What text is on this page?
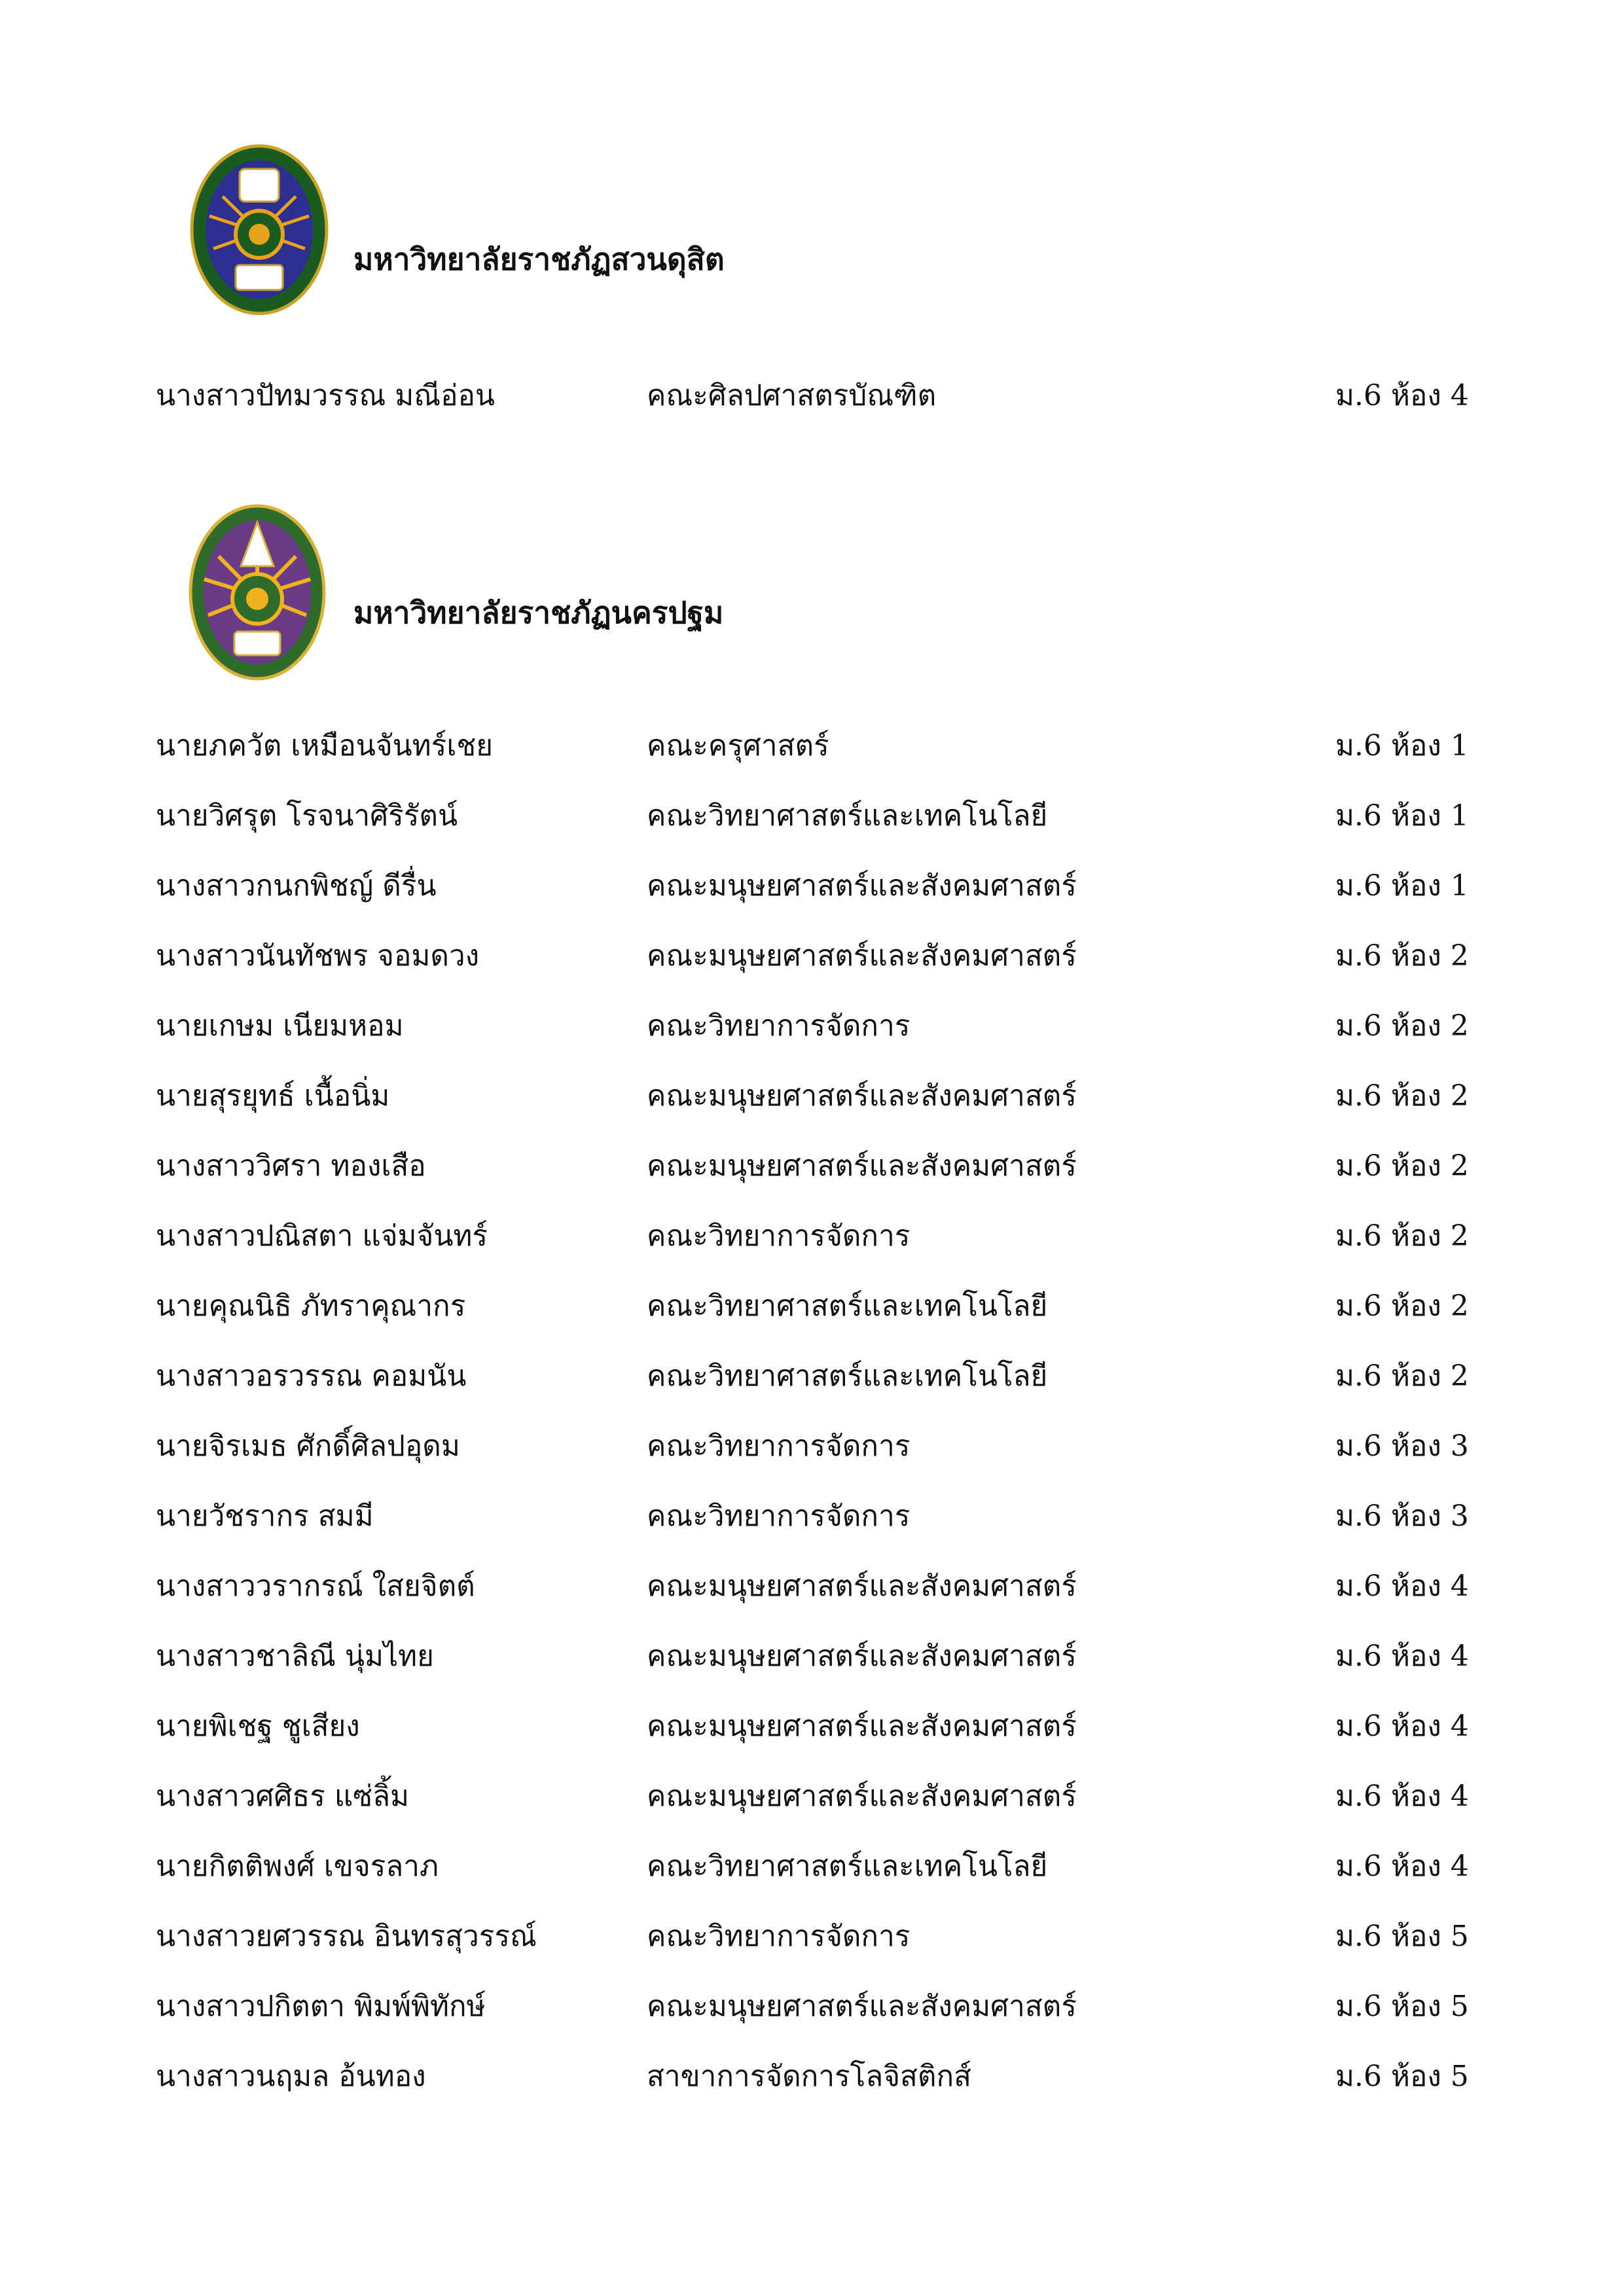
มหาวิทยาลัยราชภัฏสวนดุสิต
นางสาวปัทมวรรณ มณีอ่อน	คณะศิลปศาสตรบัณฑิต	ม.6 ห้อง 4
มหาวิทยาลัยราชภัฏนครปฐม
นายภควัต เหมือนจันทร์เชย	คณะครุศาสตร์	ม.6 ห้อง 1
นายวิศรุต โรจนาศิริรัตน์	คณะวิทยาศาสตร์และเทคโนโลยี	ม.6 ห้อง 1
นางสาวกนกพิชญ์ ดีรื่น	คณะมนุษยศาสตร์และสังคมศาสตร์	ม.6 ห้อง 1
นางสาวนันทัชพร จอมดวง	คณะมนุษยศาสตร์และสังคมศาสตร์	ม.6 ห้อง 2
นายเกษม เนียมหอม	คณะวิทยาการจัดการ	ม.6 ห้อง 2
นายสุรยุทธ์ เนื้อนิ่ม	คณะมนุษยศาสตร์และสังคมศาสตร์	ม.6 ห้อง 2
นางสาววิศรา ทองเสือ	คณะมนุษยศาสตร์และสังคมศาสตร์	ม.6 ห้อง 2
นางสาวปณิสตา แจ่มจันทร์	คณะวิทยาการจัดการ	ม.6 ห้อง 2
นายคุณนิธิ ภัทราคุณากร	คณะวิทยาศาสตร์และเทคโนโลยี	ม.6 ห้อง 2
นางสาวอรวรรณ คอมนัน	คณะวิทยาศาสตร์และเทคโนโลยี	ม.6 ห้อง 2
นายจิรเมธ ศักดิ์ศิลปอุดม	คณะวิทยาการจัดการ	ม.6 ห้อง 3
นายวัชรากร สมมี	คณะวิทยาการจัดการ	ม.6 ห้อง 3
นางสาววรากรณ์ ใสยจิตต์	คณะมนุษยศาสตร์และสังคมศาสตร์	ม.6 ห้อง 4
นางสาวชาลิณี นุ่มไทย	คณะมนุษยศาสตร์และสังคมศาสตร์	ม.6 ห้อง 4
นายพิเชฐ ชูเสียง	คณะมนุษยศาสตร์และสังคมศาสตร์	ม.6 ห้อง 4
นางสาวศศิธร แซ่ลิ้ม	คณะมนุษยศาสตร์และสังคมศาสตร์	ม.6 ห้อง 4
นายกิตติพงศ์ เขจรลาภ	คณะวิทยาศาสตร์และเทคโนโลยี	ม.6 ห้อง 4
นางสาวยศวรรณ อินทรสุวรรณ์	คณะวิทยาการจัดการ	ม.6 ห้อง 5
นางสาวปกิตตา พิมพ์พิทักษ์	คณะมนุษยศาสตร์และสังคมศาสตร์	ม.6 ห้อง 5
นางสาวนฤมล อ้นทอง	สาขาการจัดการโลจิสติกส์	ม.6 ห้อง 5
